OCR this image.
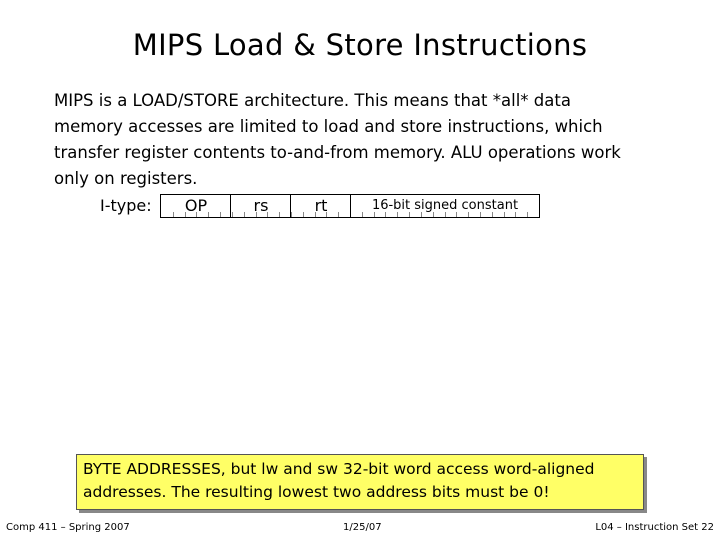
MIPS Load & Store Instructions
MIPS is a LOAD/STORE architecture. This means that *all* data memory accesses are limited to load and store instructions, which transfer register contents to-and-from memory. ALU operations work only on registers.
I-type:	OP	rs	rt	16-bit signed constant
BYTE ADDRESSES, but lw and sw 32-bit word access word-aligned addresses. The resulting lowest two address bits must be 0!
Comp 411 – Spring 2007	1/25/07	L04 – Instruction Set 22
